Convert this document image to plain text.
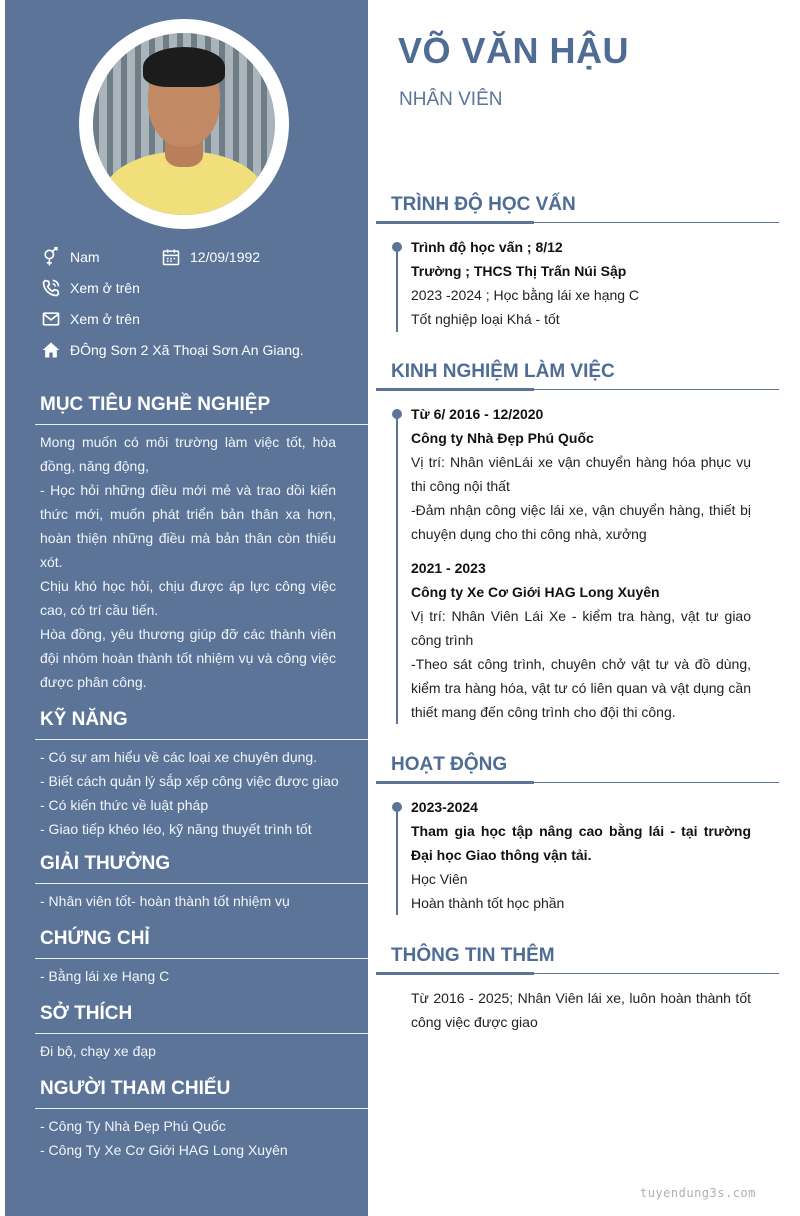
Nam	12/09/1992
Xem ở trên
Xem ở trên
ĐÔng Sơn 2 Xã Thoại Sơn An Giang.
MỤC TIÊU NGHỀ NGHIỆP
Mong muốn có môi trường làm việc tốt, hòa đồng, năng động,
- Học hỏi những điều mới mẻ và trao dồi kiến thức mới, muốn phát triển bản thân xa hơn, hoàn thiện những điều mà bản thân còn thiếu xót.
Chịu khó học hỏi, chịu được áp lực công việc cao, có trí cầu tiến.
Hòa đồng, yêu thương giúp đỡ các thành viên đội nhóm hoàn thành tốt nhiệm vụ và công việc được phân công.
KỸ NĂNG
- Có sự am hiểu về các loại xe chuyên dụng.
- Biết cách quản lý sắp xếp công việc được giao
- Có kiến thức về luật pháp
- Giao tiếp khéo léo, kỹ năng thuyết trình tốt
GIẢI THƯỞNG
- Nhân viên tốt- hoàn thành tốt nhiệm vụ
CHỨNG CHỈ
- Bằng lái xe Hạng C
SỞ THÍCH
Đi bộ, chạy xe đạp
NGƯỜI THAM CHIẾU
- Công Ty Nhà Đẹp Phú Quốc
- Công Ty Xe Cơ Giới HAG Long Xuyên
VÕ VĂN HẬU
NHÂN VIÊN
TRÌNH ĐỘ HỌC VẤN
Trình độ học vấn ; 8/12
Trường ; THCS Thị Trấn Núi Sập
2023 -2024 ; Học bằng lái xe hạng C
Tốt nghiệp loại Khá - tốt
KINH NGHIỆM LÀM VIỆC
Từ 6/ 2016 - 12/2020
Công ty Nhà Đẹp Phú Quốc
Vị trí: Nhân viênLái xe vận chuyển hàng hóa phục vụ thi công nội thất
-Đảm nhận công việc lái xe, vận chuyển hàng, thiết bị chuyện dụng cho thi công nhà, xưởng
2021 - 2023
Công ty Xe Cơ Giới HAG Long Xuyên
Vị trí: Nhân Viên Lái Xe - kiểm tra hàng, vật tư giao công trình
-Theo sát công trình, chuyên chở vật tư và đồ dùng, kiểm tra hàng hóa, vật tư có liên quan và vật dụng cần thiết mang đến công trình cho đội thi công.
HOẠT ĐỘNG
2023-2024
Tham gia học tập nâng cao bằng lái - tại trường Đại học Giao thông vận tải.
Học Viên
Hoàn thành tốt học phần
THÔNG TIN THÊM
Từ 2016 - 2025; Nhân Viên lái xe, luôn hoàn thành tốt công việc được giao
tuyendung3s.com
